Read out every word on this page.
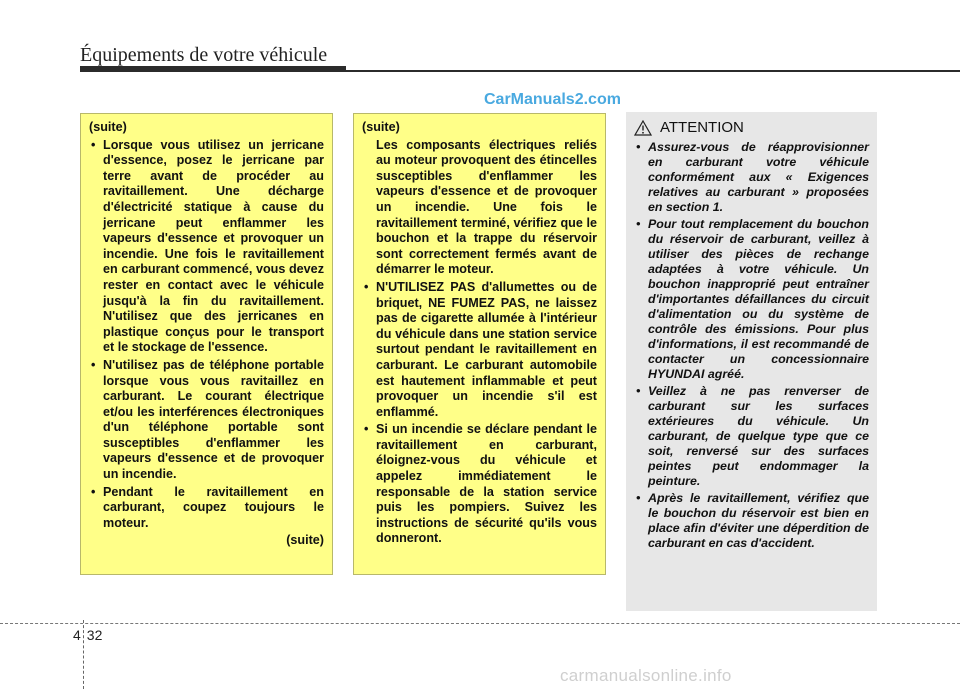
Équipements de votre véhicule
CarManuals2.com
(suite)
• Lorsque vous utilisez un jerricane d'essence, posez le jerricane par terre avant de procéder au ravitaillement. Une décharge d'électricité statique à cause du jerricane peut enflammer les vapeurs d'essence et provoquer un incendie. Une fois le ravitaillement en carburant commencé, vous devez rester en contact avec le véhicule jusqu'à la fin du ravitaillement. N'utilisez que des jerricanes en plastique conçus pour le transport et le stockage de l'essence.
• N'utilisez pas de téléphone portable lorsque vous vous ravitaillez en carburant. Le courant électrique et/ou les interférences électroniques d'un téléphone portable sont susceptibles d'enflammer les vapeurs d'essence et de provoquer un incendie.
• Pendant le ravitaillement en carburant, coupez toujours le moteur.
(suite)
(suite)
Les composants électriques reliés au moteur provoquent des étincelles susceptibles d'enflammer les vapeurs d'essence et de provoquer un incendie. Une fois le ravitaillement terminé, vérifiez que le bouchon et la trappe du réservoir sont correctement fermés avant de démarrer le moteur.
• N'UTILISEZ PAS d'allumettes ou de briquet, NE FUMEZ PAS, ne laissez pas de cigarette allumée à l'intérieur du véhicule dans une station service surtout pendant le ravitaillement en carburant. Le carburant automobile est hautement inflammable et peut provoquer un incendie s'il est enflammé.
• Si un incendie se déclare pendant le ravitaillement en carburant, éloignez-vous du véhicule et appelez immédiatement le responsable de la station service puis les pompiers. Suivez les instructions de sécurité qu'ils vous donneront.
ATTENTION
• Assurez-vous de réapprovisionner en carburant votre véhicule conformément aux « Exigences relatives au carburant » proposées en section 1.
• Pour tout remplacement du bouchon du réservoir de carburant, veillez à utiliser des pièces de rechange adaptées à votre véhicule. Un bouchon inapproprié peut entraîner d'importantes défaillances du circuit d'alimentation ou du système de contrôle des émissions. Pour plus d'informations, il est recommandé de contacter un concessionnaire HYUNDAI agréé.
• Veillez à ne pas renverser de carburant sur les surfaces extérieures du véhicule. Un carburant, de quelque type que ce soit, renversé sur des surfaces peintes peut endommager la peinture.
• Après le ravitaillement, vérifiez que le bouchon du réservoir est bien en place afin d'éviter une déperdition de carburant en cas d'accident.
4 32
carmanualsonline.info
